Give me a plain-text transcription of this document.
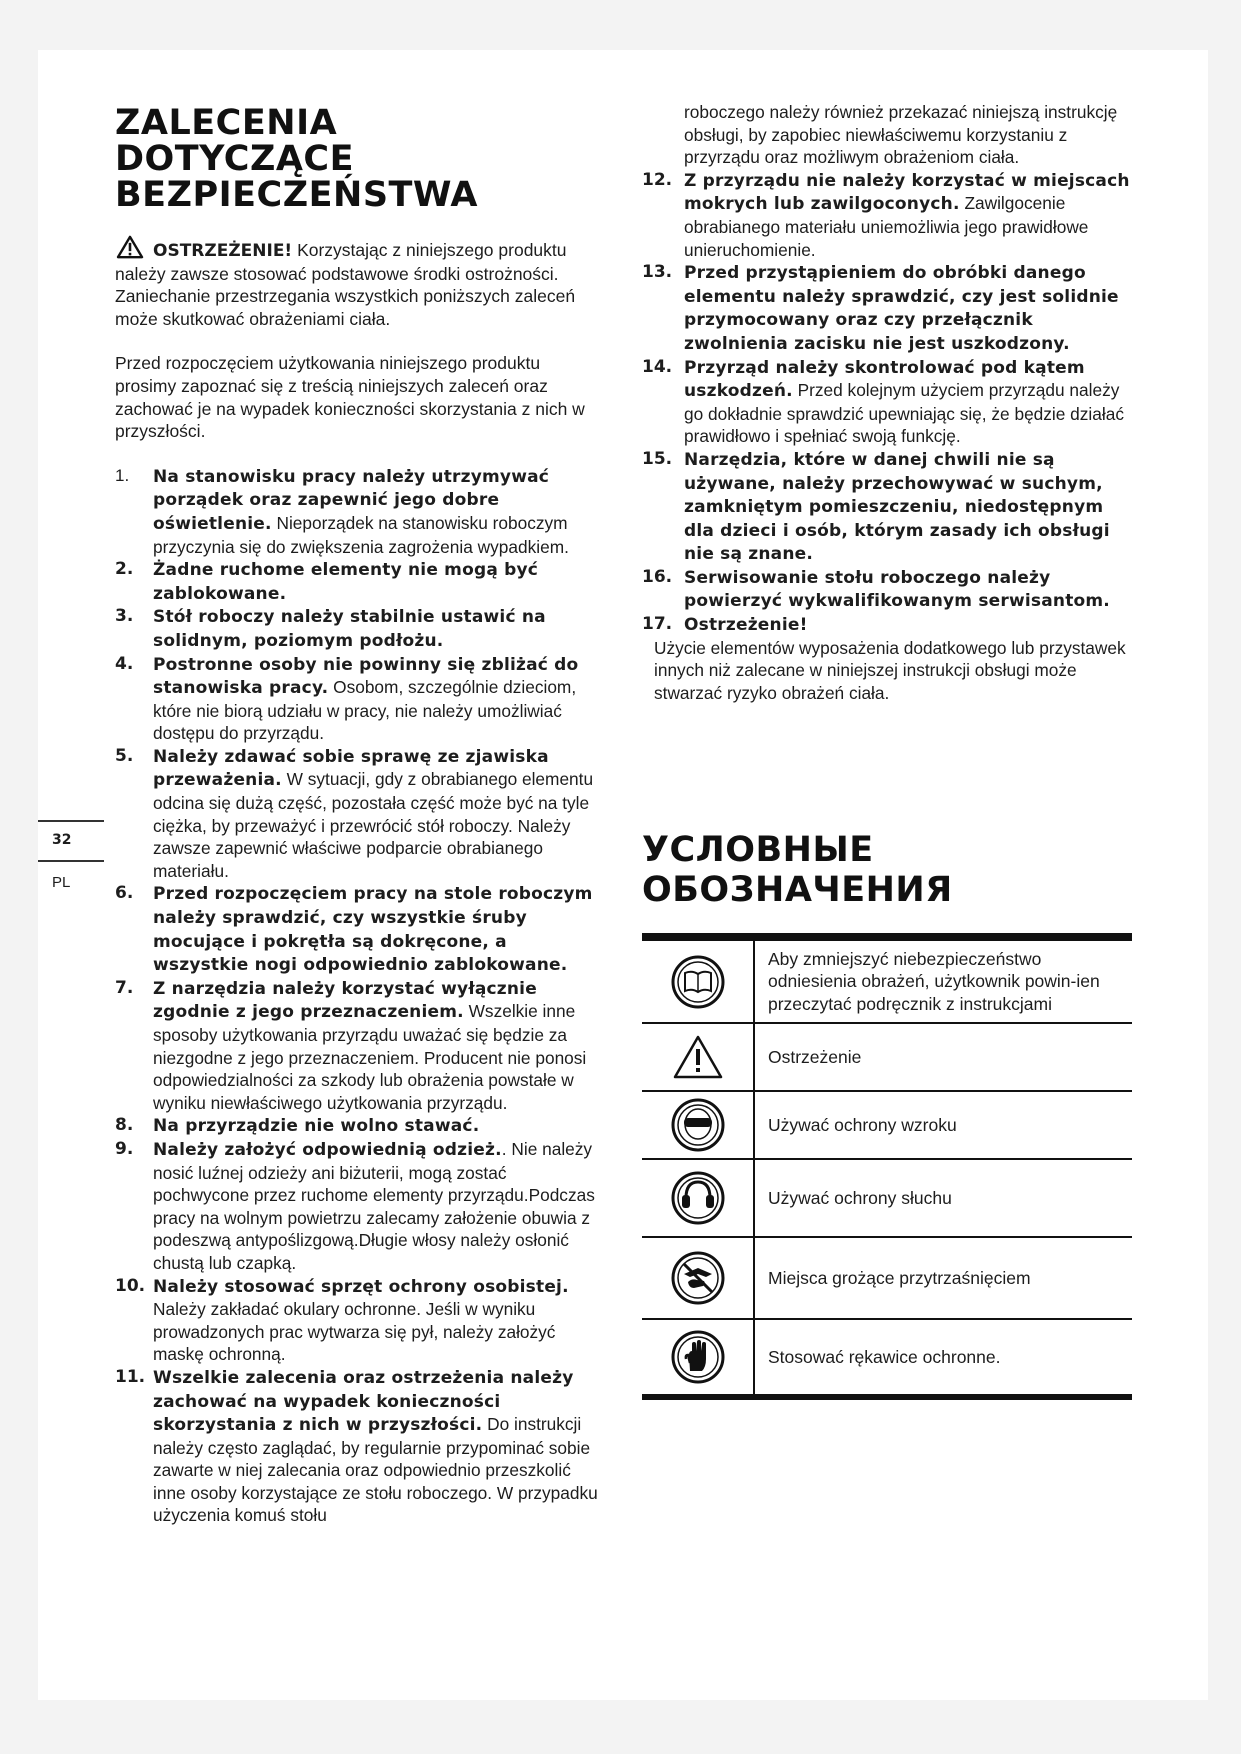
32
PL
ZALECENIA
DOTYCZĄCE
BEZPIECZEŃSTWA

OSTRZEŻENIE! Korzystając z niniejszego produktu należy zawsze stosować podstawowe środki ostrożności. Zaniechanie przestrzegania wszystkich poniższych zaleceń może skutkować obrażeniami ciała.

Przed rozpoczęciem użytkowania niniejszego produktu prosimy zapoznać się z treścią niniejszych zaleceń oraz zachować je na wypadek konieczności skorzystania z nich w przyszłości.

1. Na stanowisku pracy należy utrzymywać porządek oraz zapewnić jego dobre oświetlenie. Nieporządek na stanowisku roboczym przyczynia się do zwiększenia zagrożenia wypadkiem.
2. Żadne ruchome elementy nie mogą być zablokowane.
3. Stół roboczy należy stabilnie ustawić na solidnym, poziomym podłożu.
4. Postronne osoby nie powinny się zbliżać do stanowiska pracy. Osobom, szczególnie dzieciom, które nie biorą udziału w pracy, nie należy umożliwiać dostępu do przyrządu.
5. Należy zdawać sobie sprawę ze zjawiska przeważenia. W sytuacji, gdy z obrabianego elementu odcina się dużą część, pozostała część może być na tyle ciężka, by przeważyć i przewrócić stół roboczy. Należy zawsze zapewnić właściwe podparcie obrabianego materiału.
6. Przed rozpoczęciem pracy na stole roboczym należy sprawdzić, czy wszystkie śruby mocujące i pokrętła są dokręcone, a wszystkie nogi odpowiednio zablokowane.
7. Z narzędzia należy korzystać wyłącznie zgodnie z jego przeznaczeniem. Wszelkie inne sposoby użytkowania przyrządu uważać się będzie za niezgodne z jego przeznaczeniem. Producent nie ponosi odpowiedzialności za szkody lub obrażenia powstałe w wyniku niewłaściwego użytkowania przyrządu.
8. Na przyrządzie nie wolno stawać.
9. Należy założyć odpowiednią odzież.. Nie należy nosić luźnej odzieży ani biżuterii, mogą zostać pochwycone przez ruchome elementy przyrządu.Podczas pracy na wolnym powietrzu zalecamy założenie obuwia z podeszwą antypoślizgową.Długie włosy należy osłonić chustą lub czapką.
10. Należy stosować sprzęt ochrony osobistej. Należy zakładać okulary ochronne. Jeśli w wyniku prowadzonych prac wytwarza się pył, należy założyć maskę ochronną.
11. Wszelkie zalecenia oraz ostrzeżenia należy zachować na wypadek konieczności skorzystania z nich w przyszłości. Do instrukcji należy często zaglądać, by regularnie przypominać sobie zawarte w niej zalecania oraz odpowiednio przeszkolić inne osoby korzystające ze stołu roboczego. W przypadku użyczenia komuś stołu
roboczego należy również przekazać niniejszą instrukcję obsługi, by zapobiec niewłaściwemu korzystaniu z przyrządu oraz możliwym obrażeniom ciała.
12. Z przyrządu nie należy korzystać w miejscach mokrych lub zawilgoconych. Zawilgocenie obrabianego materiału uniemożliwia jego prawidłowe unieruchomienie.
13. Przed przystąpieniem do obróbki danego elementu należy sprawdzić, czy jest solidnie przymocowany oraz czy przełącznik zwolnienia zacisku nie jest uszkodzony.
14. Przyrząd należy skontrolować pod kątem uszkodzeń. Przed kolejnym użyciem przyrządu należy go dokładnie sprawdzić upewniając się, że będzie działać prawidłowo i spełniać swoją funkcję.
15. Narzędzia, które w danej chwili nie są używane, należy przechowywać w suchym, zamkniętym pomieszczeniu, niedostępnym dla dzieci i osób, którym zasady ich obsługi nie są znane.
16. Serwisowanie stołu roboczego należy powierzyć wykwalifikowanym serwisantom.
17. Ostrzeżenie!
Użycie elementów wyposażenia dodatkowego lub przystawek innych niż zalecane w niniejszej instrukcji obsługi może stwarzać ryzyko obrażeń ciała.
УСЛОВНЫЕ
ОБОЗНАЧЕНИЯ
Aby zmniejszyć niebezpieczeństwo odniesienia obrażeń, użytkownik powin-ien przeczytać podręcznik z instrukcjami
Ostrzeżenie
Używać ochrony wzroku
Używać ochrony słuchu
Miejsca grożące przytrzaśnięciem
Stosować rękawice ochronne.
